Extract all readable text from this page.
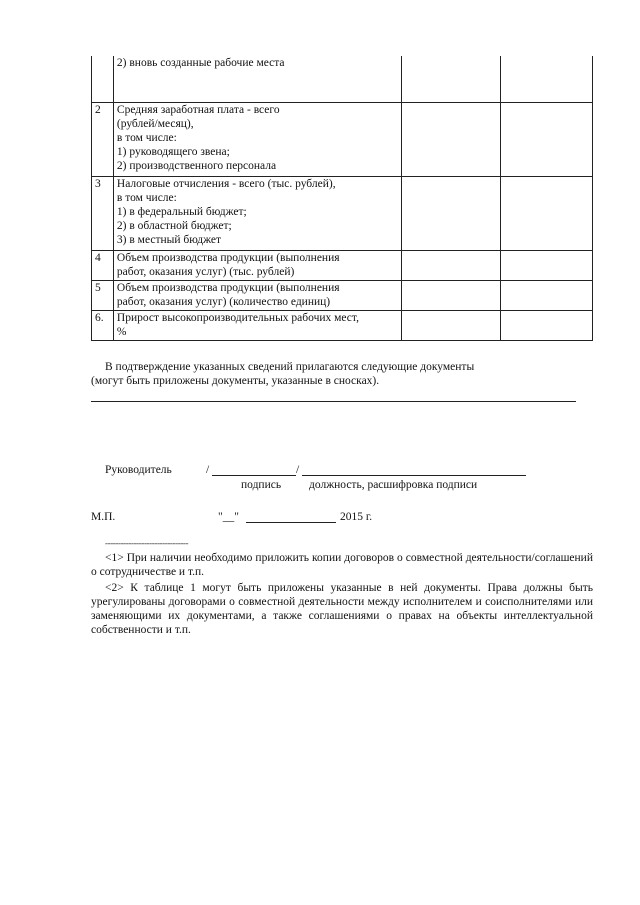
	2) вновь созданные рабочие места		

2	Средняя заработная плата - всего
(рублей/месяц),
в том числе:
1) руководящего звена;
2) производственного персонала		

3	Налоговые отчисления - всего (тыс. рублей),
в том числе:
1) в федеральный бюджет;
2) в областной бюджет;
3) в местный бюджет		

4	Объем производства продукции (выполнения
работ, оказания услуг) (тыс. рублей)		

5	Объем производства продукции (выполнения
работ, оказания услуг) (количество единиц)		

6.	Прирост высокопроизводительных рабочих мест,
%		

В подтверждение указанных сведений прилагаются следующие документы
(могут быть приложены документы, указанные в сносках).
Руководитель	/	/
подпись должность, расшифровка подписи
М.П.	"__"	2015 г.
--------------------------------
<1> При наличии необходимо приложить копии договоров о совместной деятельности/соглашений о сотрудничестве и т.п.
<2> К таблице 1 могут быть приложены указанные в ней документы. Права должны быть урегулированы договорами о совместной деятельности между исполнителем и соисполнителями или заменяющими их документами, а также соглашениями о правах на объекты интеллектуальной собственности и т.п.
